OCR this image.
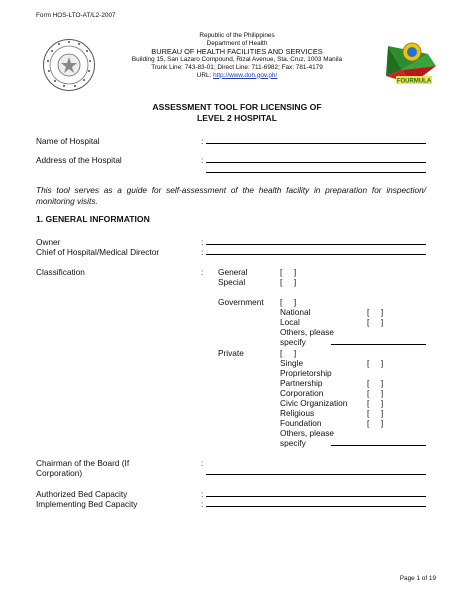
Form HOS-LTO-AT/L2-2007
FOURMULA
Republic of the Philippines
Department of Health
BUREAU OF HEALTH FACILITIES AND SERVICES
Building 15, San Lazaro Compound, Rizal Avenue, Sta. Cruz, 1003 Manila
Trunk Line: 743-83-01; Direct Line: 711-6982; Fax: 781-4179
URL: http://www.doh.gov.ph/
ASSESSMENT TOOL FOR LICENSING OF
LEVEL 2 HOSPITAL
Name of Hospital	:
Address of the Hospital	:
This tool serves as a guide for self-assessment of the health facility in preparation for inspection/ monitoring visits.
1. GENERAL INFORMATION
Owner	:
Chief of Hospital/Medical Director	:
Classification	: General	[     ]
Special	[     ]
Government [     ]
National	[     ]
Local	[     ]
Others, please
specify
Private	[     ]
Single	[     ]
Proprietorship
Partnership	[     ]
Corporation	[     ]
Civic Organization [     ]
Religious	[     ]
Foundation	[     ]
Others, please
specify
Chairman of the Board (If
Corporation)
:
Authorized Bed Capacity	:
Implementing Bed Capacity	:
Page 1 of 19
